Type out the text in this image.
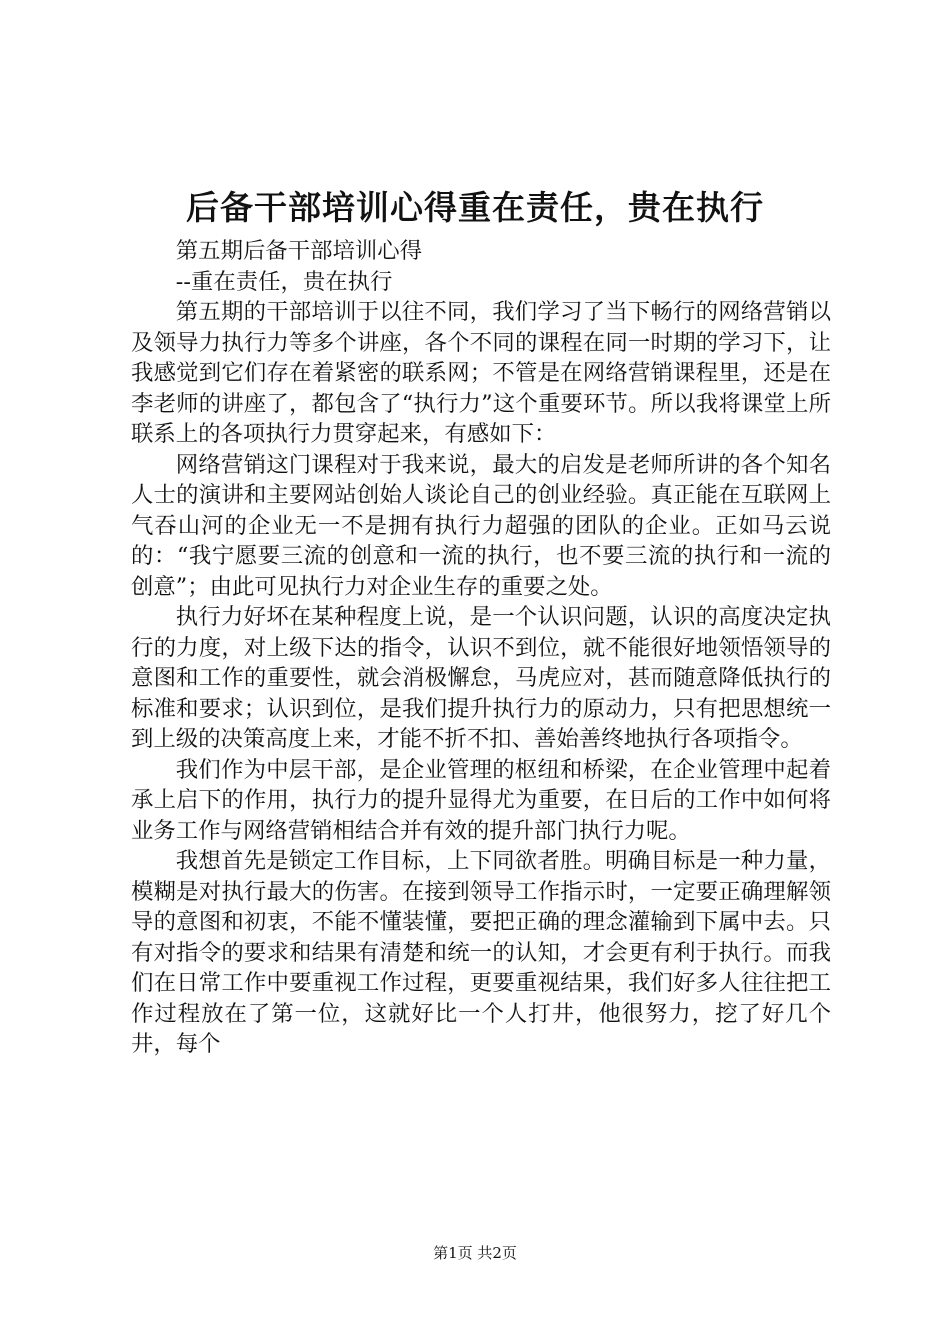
后备干部培训心得重在责任，贵在执行

第五期后备干部培训心得

--重在责任，贵在执行

第五期的干部培训于以往不同，我们学习了当下畅行的网络营销以及领导力执行力等多个讲座，各个不同的课程在同一时期的学习下，让我感觉到它们存在着紧密的联系网；不管是在网络营销课程里，还是在李老师的讲座了，都包含了“执行力”这个重要环节。所以我将课堂上所联系上的各项执行力贯穿起来，有感如下：

网络营销这门课程对于我来说，最大的启发是老师所讲的各个知名人士的演讲和主要网站创始人谈论自己的创业经验。真正能在互联网上气吞山河的企业无一不是拥有执行力超强的团队的企业。正如马云说的：“我宁愿要三流的创意和一流的执行，也不要三流的执行和一流的创意”；由此可见执行力对企业生存的重要之处。

执行力好坏在某种程度上说，是一个认识问题，认识的高度决定执行的力度，对上级下达的指令，认识不到位，就不能很好地领悟领导的意图和工作的重要性，就会消极懈怠，马虎应对，甚而随意降低执行的标准和要求；认识到位，是我们提升执行力的原动力，只有把思想统一到上级的决策高度上来，才能不折不扣、善始善终地执行各项指令。

我们作为中层干部，是企业管理的枢纽和桥梁，在企业管理中起着承上启下的作用，执行力的提升显得尤为重要，在日后的工作中如何将业务工作与网络营销相结合并有效的提升部门执行力呢。

我想首先是锁定工作目标，上下同欲者胜。明确目标是一种力量，模糊是对执行最大的伤害。在接到领导工作指示时，一定要正确理解领导的意图和初衷，不能不懂装懂，要把正确的理念灌输到下属中去。只有对指令的要求和结果有清楚和统一的认知，才会更有利于执行。而我们在日常工作中要重视工作过程，更要重视结果，我们好多人往往把工作过程放在了第一位，这就好比一个人打井，他很努力，挖了好几个井，每个

第1页 共2页
